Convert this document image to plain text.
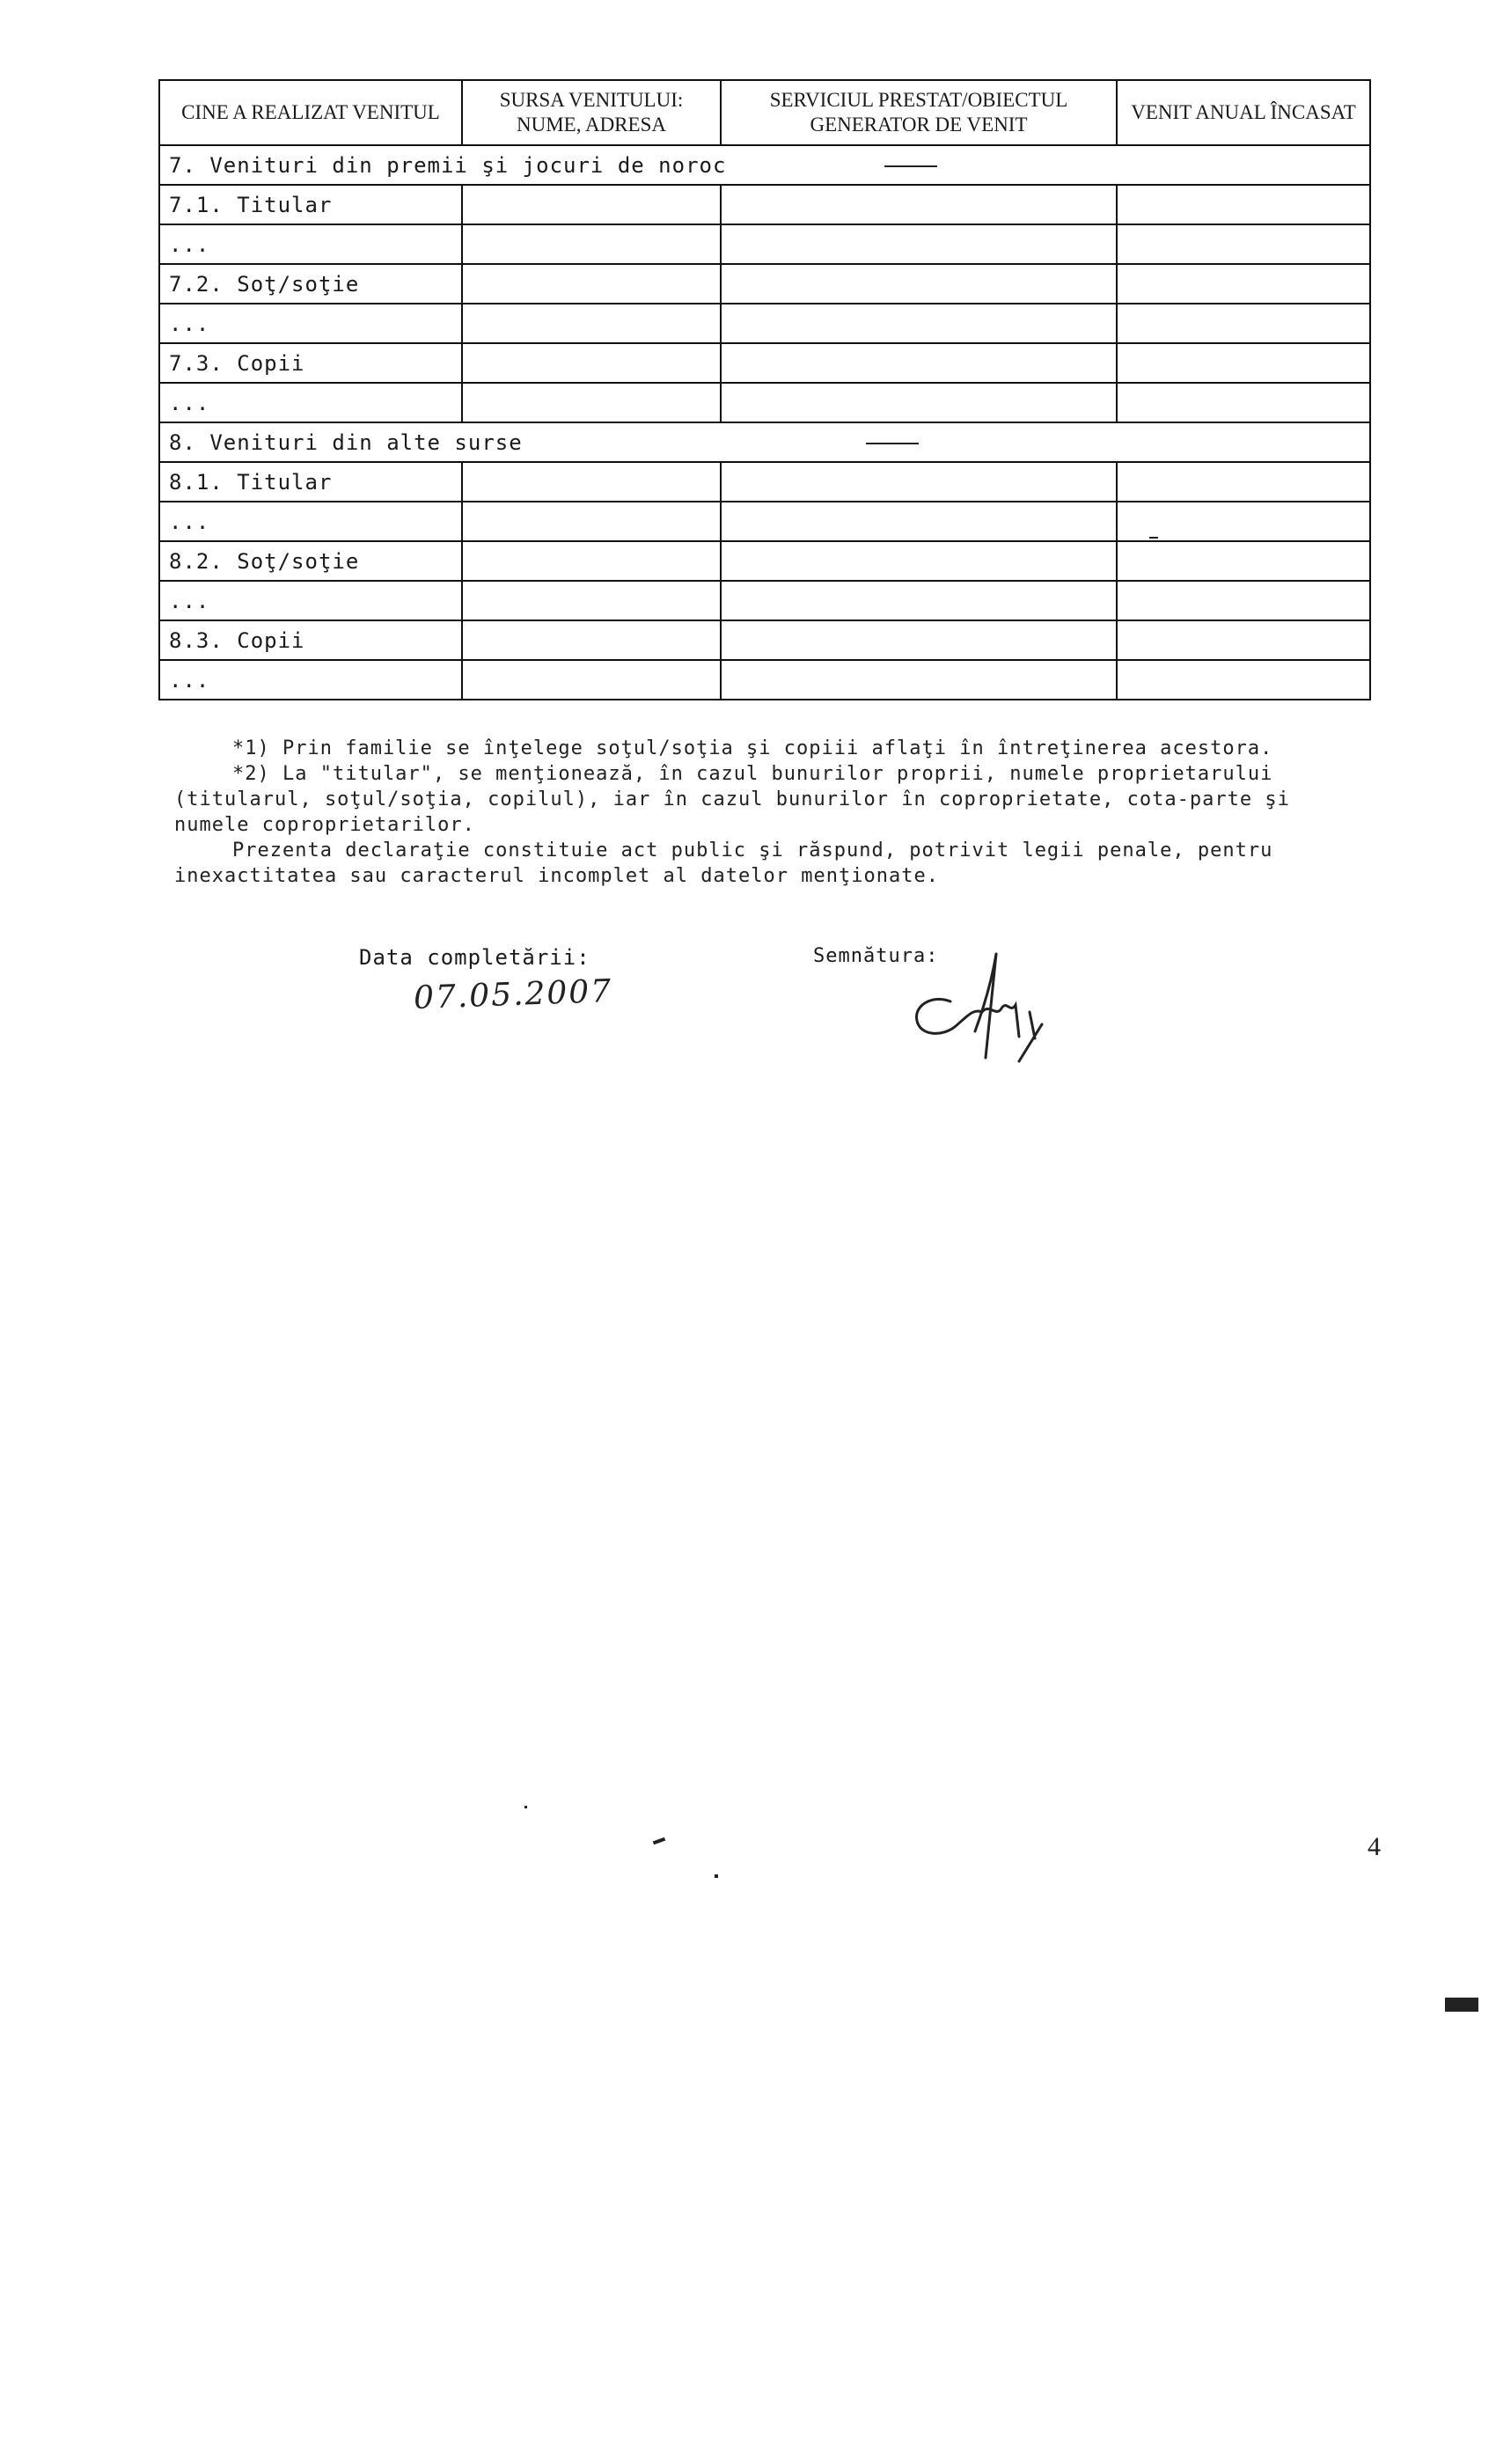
CINE A REALIZAT VENITUL	SURSA VENITULUI: NUME, ADRESA	SERVICIUL PRESTAT/OBIECTUL GENERATOR DE VENIT	VENIT ANUAL ÎNCASAT
7. Venituri din premii şi jocuri de noroc			
7.1. Titular			
...			
7.2. Soţ/soţie			
...			
7.3. Copii			
...			
8. Venituri din alte surse			
8.1. Titular			
...			
8.2. Soţ/soţie			
...			
8.3. Copii			
...			

*1) Prin familie se înţelege soţul/soţia şi copiii aflaţi în întreţinerea acestora.

*2) La "titular", se menţionează, în cazul bunurilor proprii, numele proprietarului (titularul, soţul/soţia, copilul), iar în cazul bunurilor în coproprietate, cota-parte şi numele coproprietarilor.

Prezenta declaraţie constituie act public şi răspund, potrivit legii penale, pentru inexactitatea sau caracterul incomplet al datelor menţionate.

Data completării:
07.05.2007
Semnătura:
4
